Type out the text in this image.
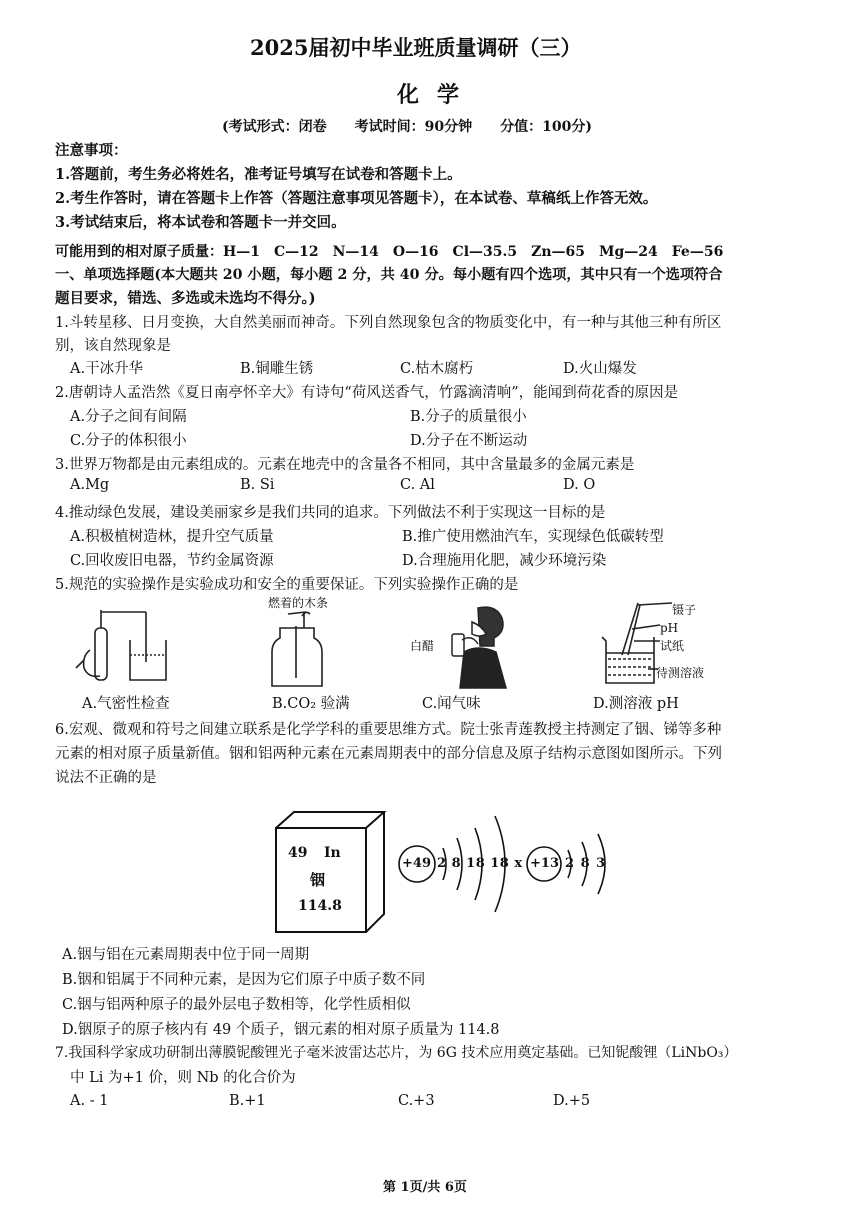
2025届初中毕业班质量调研（三）
化学
(考试形式：闭卷　　考试时间：90分钟　　分值：100分)
注意事项：
1.答题前，考生务必将姓名，准考证号填写在试卷和答题卡上。
2.考生作答时，请在答题卡上作答（答题注意事项见答题卡），在本试卷、草稿纸上作答无效。
3.考试结束后，将本试卷和答题卡一并交回。
可能用到的相对原子质量：H—1　C—12　N—14　O—16　Cl—35.5　Zn—65　Mg—24　Fe—56
一、单项选择题(本大题共 20 小题，每小题 2 分，共 40 分。每小题有四个选项，其中只有一个选项符合
题目要求，错选、多选或未选均不得分。)
1.斗转星移、日月变换，大自然美丽而神奇。下列自然现象包含的物质变化中，有一种与其他三种有所区
别，该自然现象是
A.干冰升华	B.铜雕生锈	C.枯木腐朽	D.火山爆发
2.唐朝诗人孟浩然《夏日南亭怀辛大》有诗句“荷风送香气，竹露滴清响”，能闻到荷花香的原因是
A.分子之间有间隔	B.分子的质量很小
C.分子的体积很小	D.分子在不断运动
3.世界万物都是由元素组成的。元素在地壳中的含量各不相同，其中含量最多的金属元素是
A.Mg	B. Si	C. Al	D. O
4.推动绿色发展，建设美丽家乡是我们共同的追求。下列做法不利于实现这一目标的是
A.积极植树造林，提升空气质量	B.推广使用燃油汽车，实现绿色低碳转型
C.回收废旧电器，节约金属资源	D.合理施用化肥，减少环境污染
5.规范的实验操作是实验成功和安全的重要保证。下列实验操作正确的是
A.气密性检查
燃着的木条
B.CO₂ 验满
白醋
C.闻气味
镊子
pH
试纸
待测溶液
D.测溶液 pH
6.宏观、微观和符号之间建立联系是化学学科的重要思维方式。院士张青莲教授主持测定了铟、锑等多种
元素的相对原子质量新值。铟和铝两种元素在元素周期表中的部分信息及原子结构示意图如图所示。下列
说法不正确的是
49 In
铟
114.8
+49 2 8 18 18 x +13 2 8 3
A.铟与铝在元素周期表中位于同一周期
B.铟和铝属于不同种元素，是因为它们原子中质子数不同
C.铟与铝两种原子的最外层电子数相等，化学性质相似
D.铟原子的原子核内有 49 个质子，铟元素的相对原子质量为 114.8
7.我国科学家成功研制出薄膜铌酸锂光子毫米波雷达芯片，为 6G 技术应用奠定基础。已知铌酸锂（LiNbO₃）
中 Li 为+1 价，则 Nb 的化合价为
A. - 1	B.+1	C.+3	D.+5
第 1页/共 6页
